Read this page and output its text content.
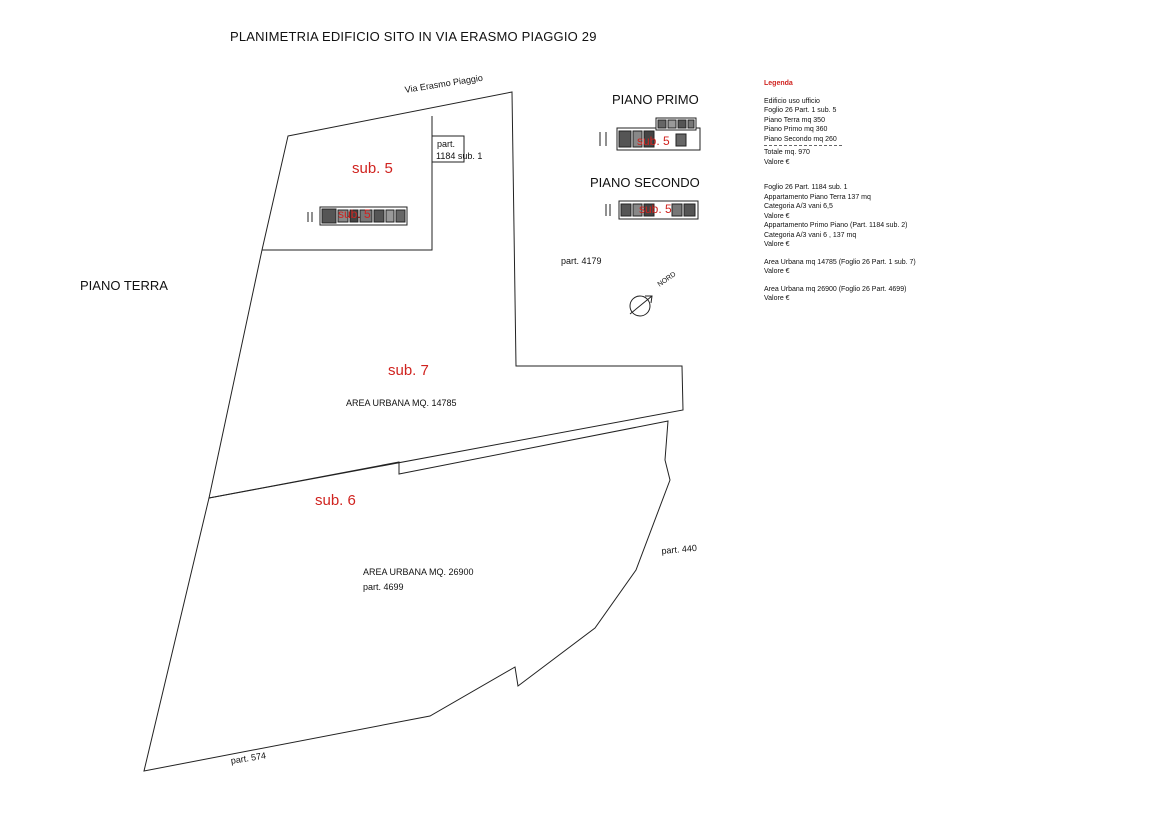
PLANIMETRIA EDIFICIO SITO IN VIA ERASMO PIAGGIO 29
PIANO TERRA
PIANO PRIMO
PIANO SECONDO
Via Erasmo Piaggio
part.
1184 sub. 1
part. 4179
part. 440
part. 574
part. 4699
NORD
AREA URBANA MQ. 14785
AREA URBANA MQ. 26900
sub. 5
sub. 7
sub. 6
sub. 5
sub. 5
sub. 5
Legenda
Edificio uso ufficio
Foglio 26 Part. 1 sub. 5
Piano Terra mq 350
Piano Primo mq 360
Piano Secondo mq 260
Totale mq. 970
Valore €
Foglio 26 Part. 1184 sub. 1
Appartamento Piano Terra 137 mq
Categoria A/3 vani 6,5
Valore €
Appartamento Primo Piano (Part. 1184 sub. 2)
Categoria A/3 vani 6 , 137 mq
Valore €
Area Urbana mq 14785 (Foglio 26 Part. 1 sub. 7)
Valore €
Area Urbana mq 26900 (Foglio 26 Part. 4699)
Valore €
